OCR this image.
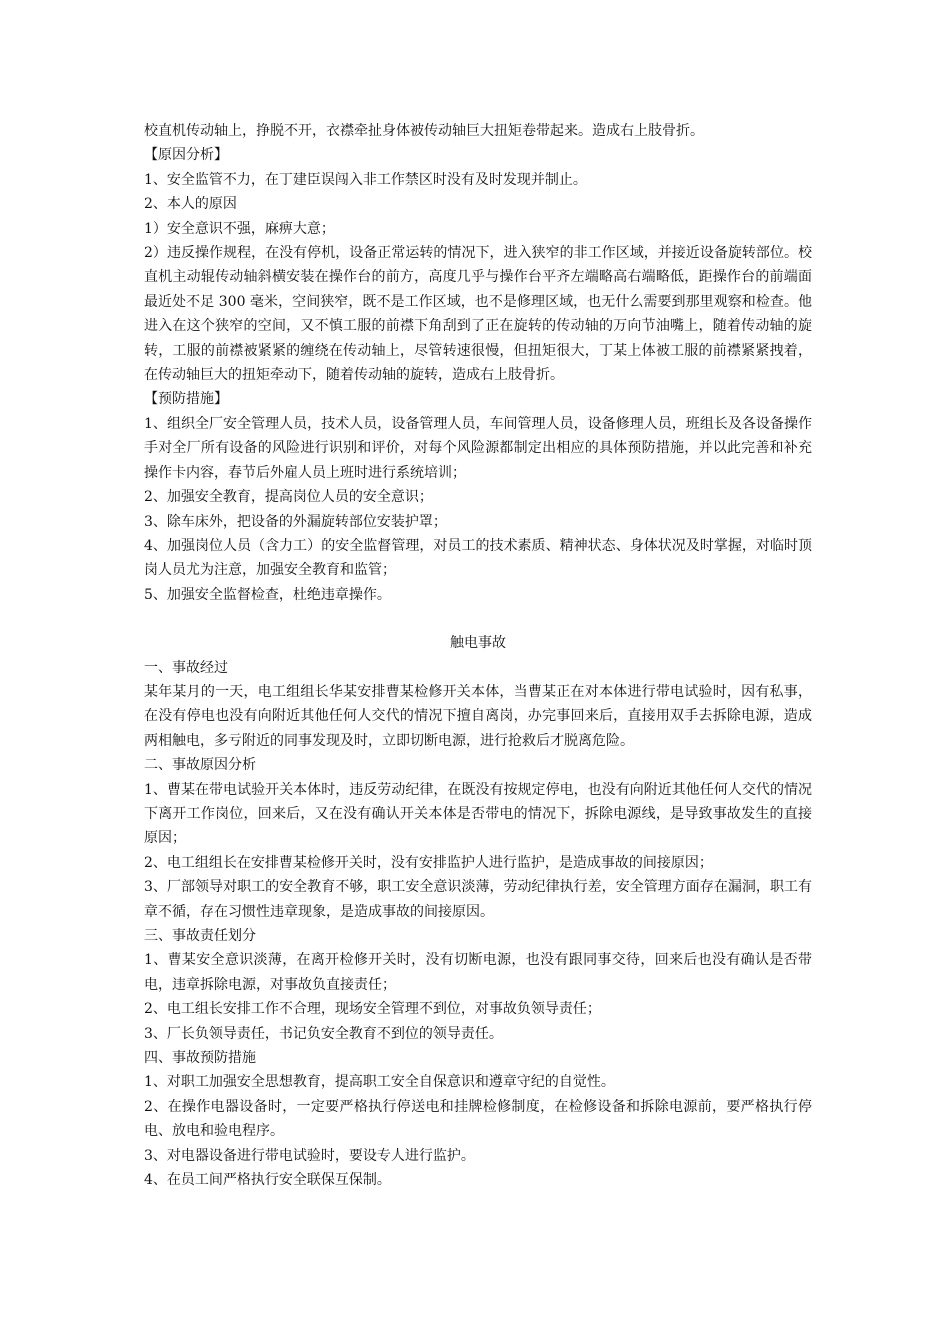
校直机传动轴上，挣脱不开，衣襟牵扯身体被传动轴巨大扭矩卷带起来。造成右上肢骨折。

【原因分析】

1、安全监管不力，在丁建臣误闯入非工作禁区时没有及时发现并制止。

2、本人的原因

1）安全意识不强，麻痹大意；

2）违反操作规程，在没有停机，设备正常运转的情况下，进入狭窄的非工作区域，并接近设备旋转部位。校直机主动辊传动轴斜横安装在操作台的前方，高度几乎与操作台平齐左端略高右端略低，距操作台的前端面最近处不足 300 毫米，空间狭窄，既不是工作区域，也不是修理区域，也无什么需要到那里观察和检查。他进入在这个狭窄的空间，又不慎工服的前襟下角刮到了正在旋转的传动轴的万向节油嘴上，随着传动轴的旋转，工服的前襟被紧紧的缠绕在传动轴上，尽管转速很慢，但扭矩很大，丁某上体被工服的前襟紧紧拽着，在传动轴巨大的扭矩牵动下，随着传动轴的旋转，造成右上肢骨折。

【预防措施】

1、组织全厂安全管理人员，技术人员，设备管理人员，车间管理人员，设备修理人员，班组长及各设备操作手对全厂所有设备的风险进行识别和评价，对每个风险源都制定出相应的具体预防措施，并以此完善和补充操作卡内容，春节后外雇人员上班时进行系统培训；

2、加强安全教育，提高岗位人员的安全意识；

3、除车床外，把设备的外漏旋转部位安装护罩；

4、加强岗位人员（含力工）的安全监督管理，对员工的技术素质、精神状态、身体状况及时掌握，对临时顶岗人员尤为注意，加强安全教育和监管；

5、加强安全监督检查，杜绝违章操作。

触电事故

一、事故经过

某年某月的一天，电工组组长华某安排曹某检修开关本体，当曹某正在对本体进行带电试验时，因有私事，在没有停电也没有向附近其他任何人交代的情况下擅自离岗，办完事回来后，直接用双手去拆除电源，造成两相触电，多亏附近的同事发现及时，立即切断电源，进行抢救后才脱离危险。

二、事故原因分析

1、曹某在带电试验开关本体时，违反劳动纪律，在既没有按规定停电，也没有向附近其他任何人交代的情况下离开工作岗位，回来后，又在没有确认开关本体是否带电的情况下，拆除电源线，是导致事故发生的直接原因；

2、电工组组长在安排曹某检修开关时，没有安排监护人进行监护，是造成事故的间接原因；

3、厂部领导对职工的安全教育不够，职工安全意识淡薄，劳动纪律执行差，安全管理方面存在漏洞，职工有章不循，存在习惯性违章现象，是造成事故的间接原因。

三、事故责任划分

1、曹某安全意识淡薄，在离开检修开关时，没有切断电源，也没有跟同事交待，回来后也没有确认是否带电，违章拆除电源，对事故负直接责任；

2、电工组长安排工作不合理，现场安全管理不到位，对事故负领导责任；

3、厂长负领导责任，书记负安全教育不到位的领导责任。

四、事故预防措施

1、对职工加强安全思想教育，提高职工安全自保意识和遵章守纪的自觉性。

2、在操作电器设备时，一定要严格执行停送电和挂牌检修制度，在检修设备和拆除电源前，要严格执行停电、放电和验电程序。

3、对电器设备进行带电试验时，要设专人进行监护。

4、在员工间严格执行安全联保互保制。
